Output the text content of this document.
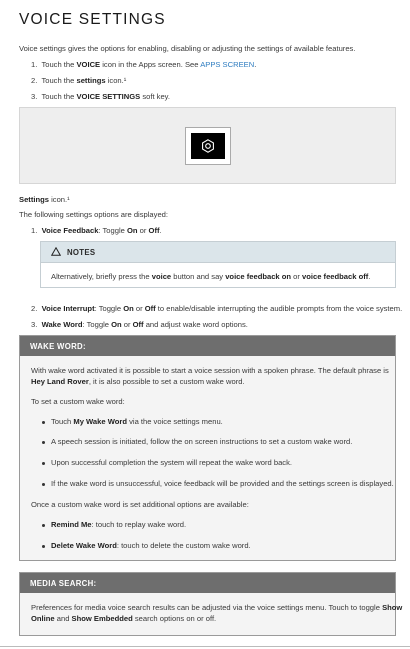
VOICE SETTINGS

Voice settings gives the options for enabling, disabling or adjusting the settings of available features.

1. Touch the VOICE icon in the Apps screen. See APPS SCREEN.

2. Touch the settings icon.¹

3. Touch the VOICE SETTINGS soft key.

Settings icon.¹

The following settings options are displayed:

1. Voice Feedback: Toggle On or Off.

NOTES

Alternatively, briefly press the voice button and say voice feedback on or voice feedback off.

2. Voice Interrupt: Toggle On or Off to enable/disable interrupting the audible prompts from the voice system.

3. Wake Word: Toggle On or Off and adjust wake word options.

WAKE WORD:

With wake word activated it is possible to start a voice session with a spoken phrase. The default phrase is

Hey Land Rover, it is also possible to set a custom wake word.

To set a custom wake word:

Touch My Wake Word via the voice settings menu.

A speech session is initiated, follow the on screen instructions to set a custom wake word.

Upon successful completion the system will repeat the wake word back.

If the wake word is unsuccessful, voice feedback will be provided and the settings screen is displayed.

Once a custom wake word is set additional options are available:

Remind Me: touch to replay wake word.

Delete Wake Word: touch to delete the custom wake word.

MEDIA SEARCH:

Preferences for media voice search results can be adjusted via the voice settings menu. Touch to toggle Show

Online and Show Embedded search options on or off.
